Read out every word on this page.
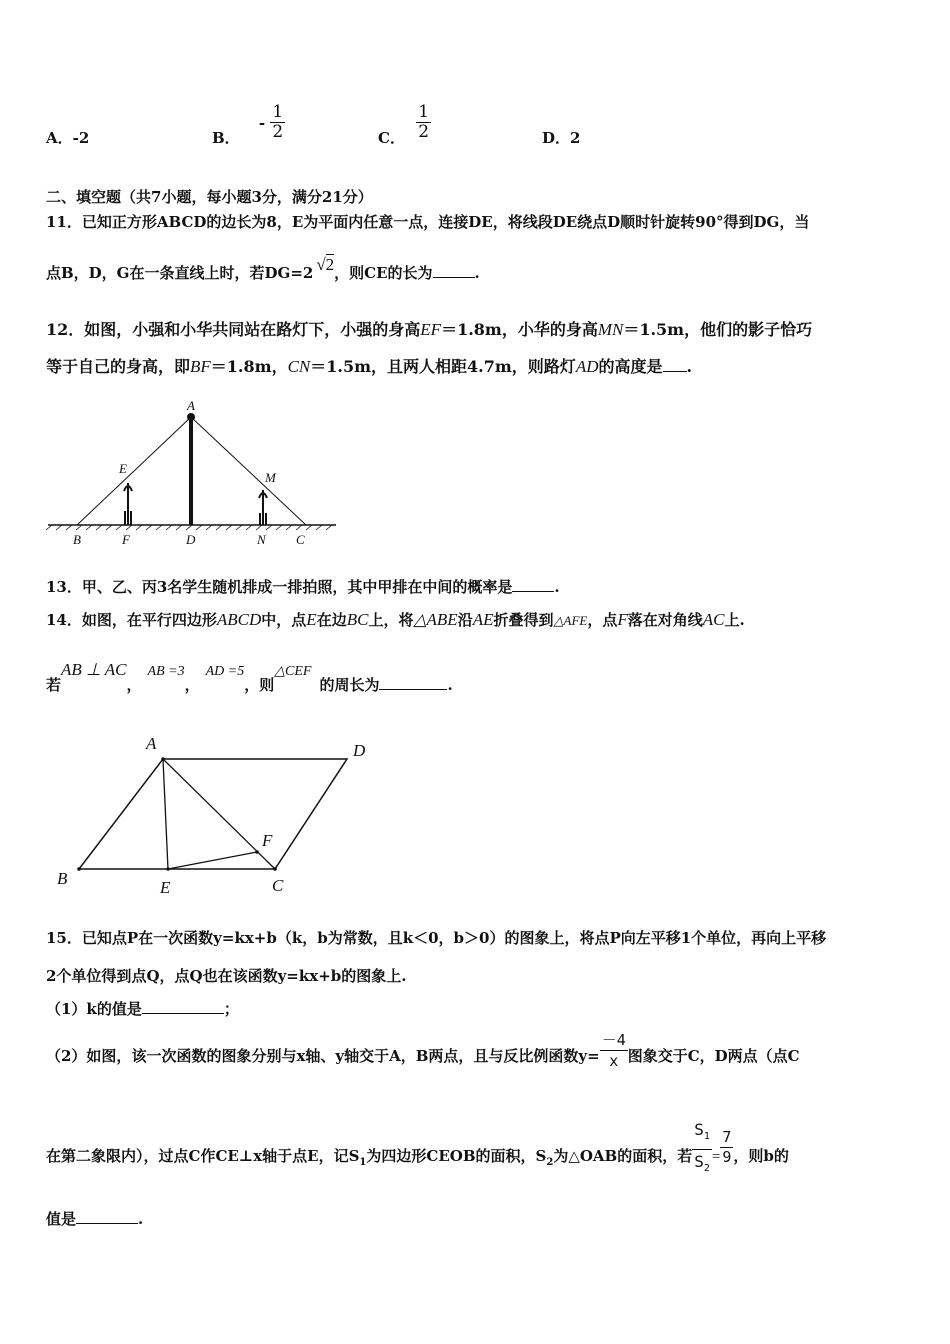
A．-2	B． - $\frac{1}{2}$	C． $\frac{1}{2}$	D．2
二、填空题（共7小题，每小题3分，满分21分）
11．已知正方形ABCD的边长为8，E为平面内任意一点，连接DE，将线段DE绕点D顺时针旋转90°得到DG，当
点B，D，G在一条直线上时，若DG=2 √2，则CE的长为	.
12．如图，小强和小华共同站在路灯下，小强的身高EF＝1.8m，小华的身高MN＝1.5m，他们的影子恰巧
等于自己的身高，即BF＝1.8m，CN＝1.5m，且两人相距4.7m，则路灯AD的高度是 .
A
E
M
B	F	D	N C
13．甲、乙、丙3名学生随机排成一排拍照，其中甲排在中间的概率是	.
14．如图，在平行四边形ABCD中，点E在边BC上，将△ABE沿AE折叠得到△AFE，点F落在对角线AC上.
若AB ⊥ AC，AB =3，AD =5，则△CEF的周长为	.
A	D
F
B	E	C
15．已知点P在一次函数y=kx+b（k，b为常数，且k＜0，b＞0）的图象上，将点P向左平移1个单位，再向上平移
2个单位得到点Q，点Q也在该函数y=kx+b的图象上.
（1）k的值是	；
（2）如图，该一次函数的图象分别与x轴、y轴交于A，B两点，且与反比例函数$y= \frac{-4}{x}$ 图象交于C，D两点（点C
在第二象限内），过点C作CE⊥x轴于点E，记$S_1$为四边形CEOB的面积，$S_2$为△OAB的面积，若 $\frac{S_1}{S_2} = \frac{7}{9}$ ，则b的
值是	.
